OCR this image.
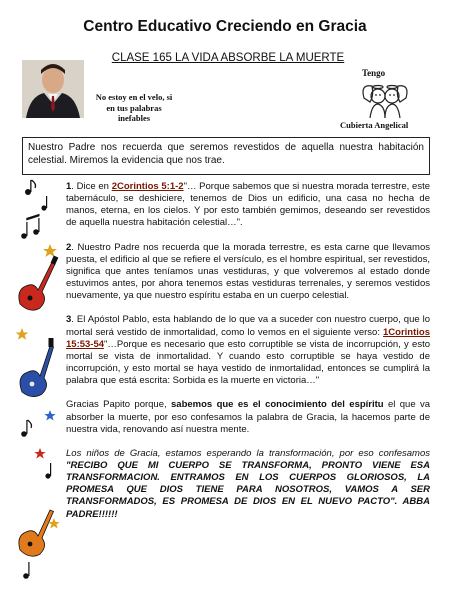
Centro Educativo Creciendo en Gracia
CLASE 165 LA VIDA ABSORBE LA MUERTE
No estoy en el velo, si
en tus palabras
inefables
Tengo
Cubierta Angelical
Nuestro Padre nos recuerda que seremos revestidos de aquella nuestra habitación celestial. Miremos la evidencia que nos trae.

1. Dice en 2Corintios 5:1-2"… Porque sabemos que si nuestra morada terrestre, este tabernáculo, se deshiciere, tenemos de Dios un edificio, una casa no hecha de manos, eterna, en los cielos. Y por esto también gemimos, deseando ser revestidos de aquella nuestra habitación celestial…".

2. Nuestro Padre nos recuerda que la morada terrestre, es esta carne que llevamos puesta, el edificio al que se refiere el versículo, es el hombre espiritual, ser revestidos, significa que antes teníamos unas vestiduras, y que volveremos al estado donde estuvimos antes, por ahora tenemos estas vestiduras terrenales, y seremos vestidos nuevamente, ya que nuestro espíritu estaba en un cuerpo celestial.

3. El Apóstol Pablo, esta hablando de lo que va a suceder con nuestro cuerpo, que lo mortal será vestido de inmortalidad, como lo vemos en el siguiente verso: 1Corintios 15:53-54"…Porque es necesario que esto corruptible se vista de incorrupción, y esto mortal se vista de inmortalidad. Y cuando esto corruptible se haya vestido de incorrupción, y esto mortal se haya vestido de inmortalidad, entonces se cumplirá la palabra que está escrita: Sorbida es la muerte en victoria…"

Gracias Papito porque, sabemos que es el conocimiento del espíritu el que va absorber la muerte, por eso confesamos la palabra de Gracia, la hacemos parte de nuestra vida, renovando así nuestra mente.

Los niños de Gracia, estamos esperando la transformación, por eso confesamos "RECIBO QUE MI CUERPO SE TRANSFORMA, PRONTO VIENE ESA TRANSFORMACION. ENTRAMOS EN LOS CUERPOS GLORIOSOS, LA PROMESA QUE DIOS TIENE PARA NOSOTROS, VAMOS A SER TRANSFORMADOS, ES PROMESA DE DIOS EN EL NUEVO PACTO". ABBA PADRE!!!!!!
